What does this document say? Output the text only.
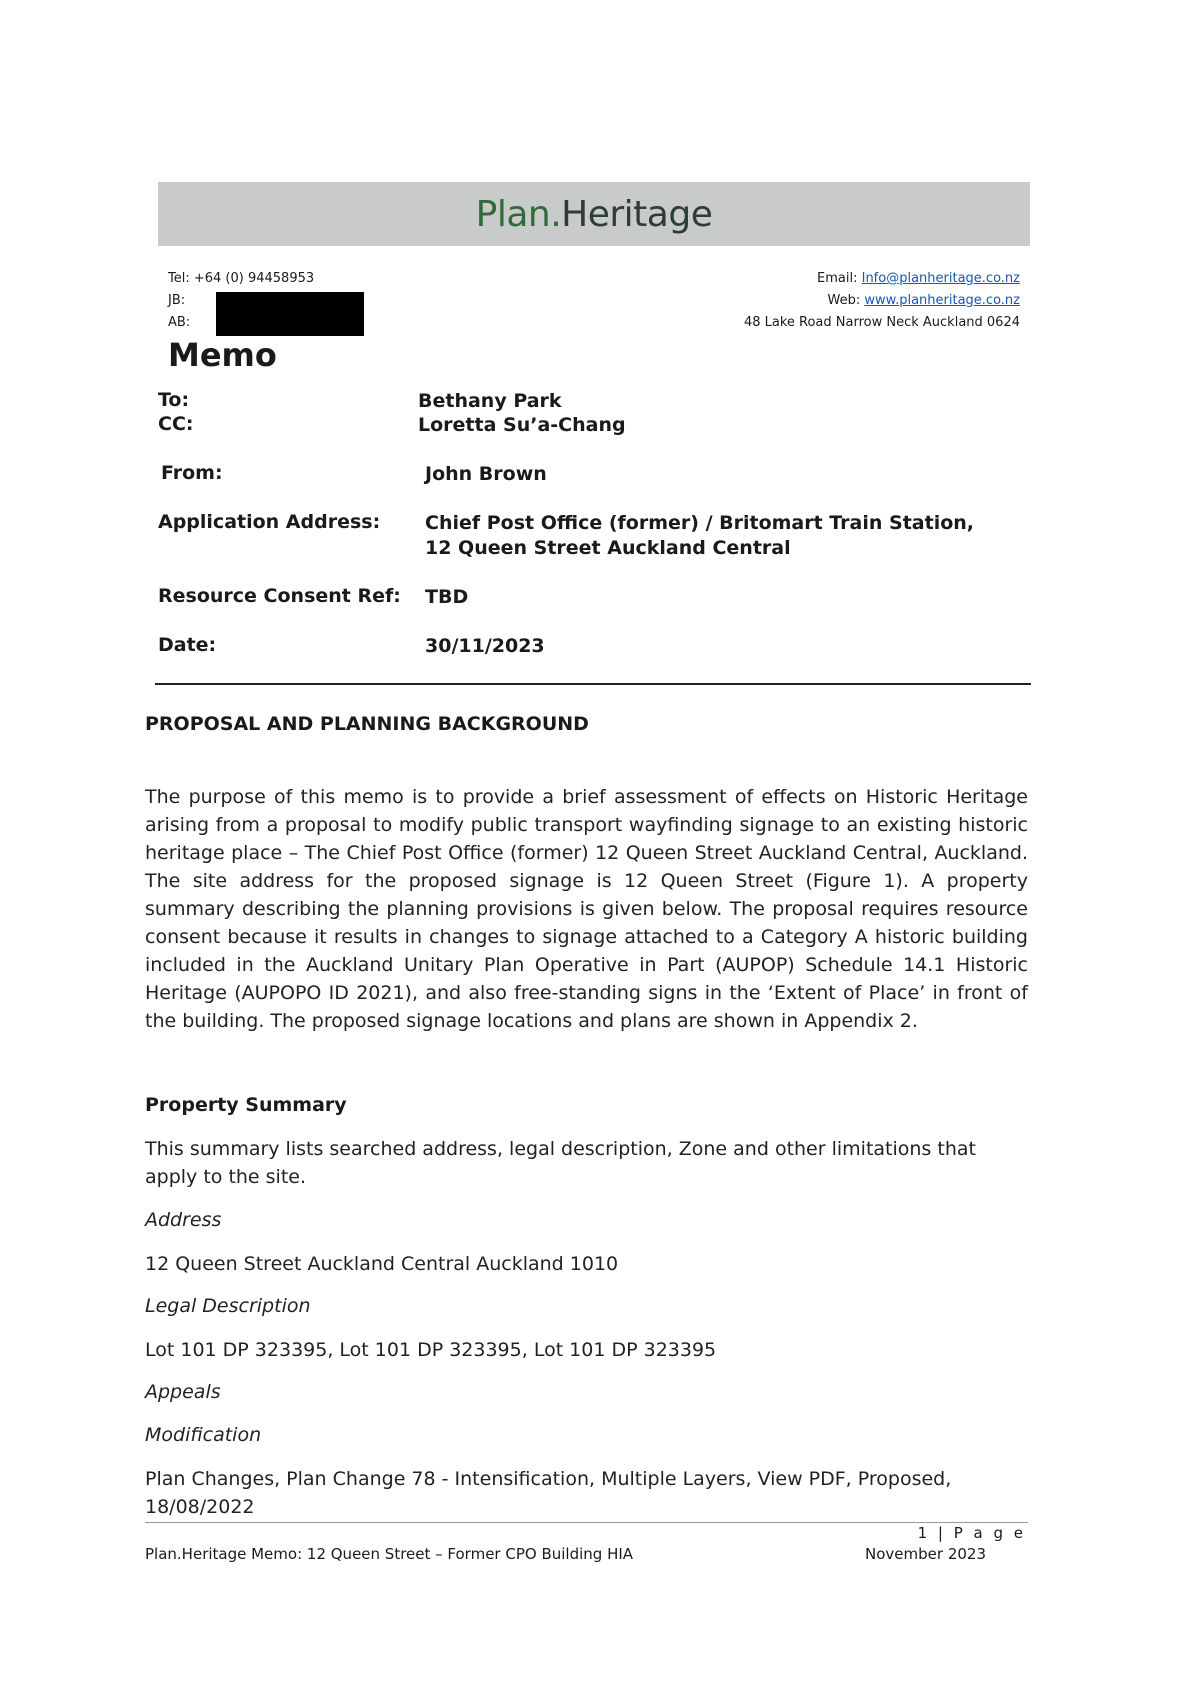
Plan.Heritage
Tel: +64 (0) 94458953
JB:
AB:
Email: Info@planheritage.co.nz
Web: www.planheritage.co.nz
48 Lake Road Narrow Neck Auckland 0624
Memo
To:	Bethany Park
CC:	Loretta Su’a-Chang
From:	John Brown
Application Address: Chief Post Office (former) / Britomart Train Station,
12 Queen Street Auckland Central
Resource Consent Ref: TBD
Date:	30/11/2023
PROPOSAL AND PLANNING BACKGROUND
The purpose of this memo is to provide a brief assessment of effects on Historic Heritage arising from a proposal to modify public transport wayfinding signage to an existing historic heritage place – The Chief Post Office (former) 12 Queen Street Auckland Central, Auckland. The site address for the proposed signage is 12 Queen Street (Figure 1). A property summary describing the planning provisions is given below. The proposal requires resource consent because it results in changes to signage attached to a Category A historic building included in the Auckland Unitary Plan Operative in Part (AUPOP) Schedule 14.1 Historic Heritage (AUPOPO ID 2021), and also free-standing signs in the ‘Extent of Place’ in front of the building. The proposed signage locations and plans are shown in Appendix 2.
Property Summary
This summary lists searched address, legal description, Zone and other limitations that apply to the site.
Address
12 Queen Street Auckland Central Auckland 1010
Legal Description
Lot 101 DP 323395, Lot 101 DP 323395, Lot 101 DP 323395
Appeals
Modification
Plan Changes, Plan Change 78 - Intensification, Multiple Layers, View PDF, Proposed, 18/08/2022
Plan.Heritage Memo: 12 Queen Street – Former CPO Building HIA
1 | P a g e
November 2023
